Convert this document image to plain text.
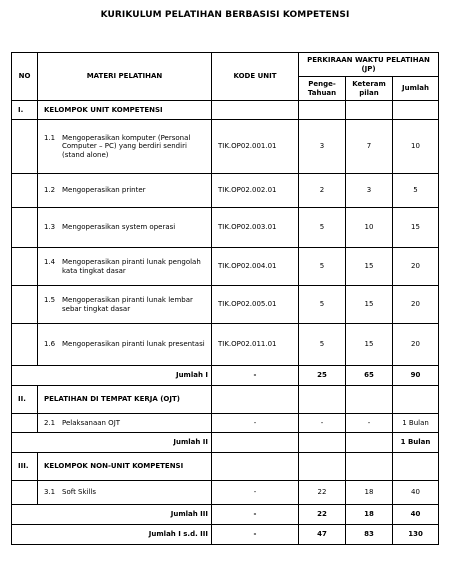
KURIKULUM PELATIHAN BERBASISI KOMPETENSI
NO	MATERI PELATIHAN	KODE UNIT	PERKIRAAN WAKTU PELATIHAN (JP)		
			Penge-Tahuan	Keteram pilan	Jumlah
I.	KELOMPOK UNIT KOMPETENSI				

	1.1 Mengoperasikan komputer (Personal Computer – PC) yang berdiri sendiri (stand alone)	TIK.OP02.001.01	3	7	10

	1.2 Mengoperasikan printer	TIK.OP02.002.01	2	3	5

	1.3 Mengoperasikan system operasi	TIK.OP02.003.01	5	10	15

	1.4 Mengoperasikan piranti lunak pengolah kata tingkat dasar	TIK.OP02.004.01	5	15	20

	1.5 Mengoperasikan piranti lunak lembar sebar tingkat dasar	TIK.OP02.005.01	5	15	20

	1.6 Mengoperasikan piranti lunak presentasi	TIK.OP02.011.01	5	15	20
Jumlah I		-	25	65	90
II.	PELATIHAN DI TEMPAT KERJA (OJT)				

	2.1 Pelaksanaan OJT	-	-	-	1 Bulan
Jumlah II					1 Bulan
III.	KELOMPOK NON-UNIT KOMPETENSI				

	3.1 Soft Skills	-	22	18	40
Jumlah III		-	22	18	40
Jumlah I s.d. III		-	47	83	130
